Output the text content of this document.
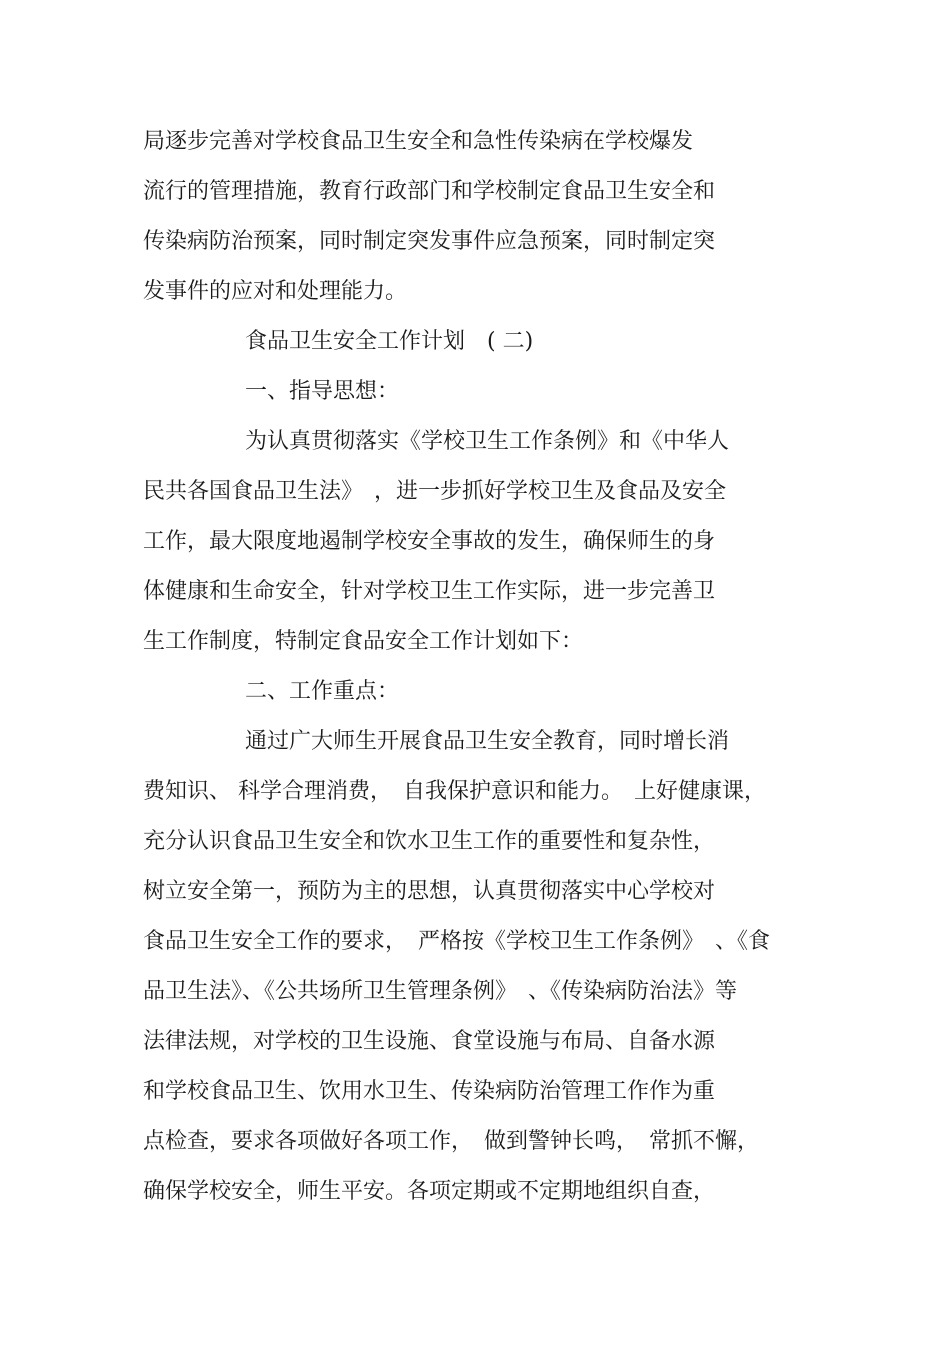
局逐步完善对学校食品卫生安全和急性传染病在学校爆发
流行的管理措施，教育行政部门和学校制定食品卫生安全和
传染病防治预案，同时制定突发事件应急预案，同时制定突
发事件的应对和处理能力。
食品卫生安全工作计划　( 二)
一、指导思想：
为认真贯彻落实《学校卫生工作条例》和《中华人
民共各国食品卫生法》　，进一步抓好学校卫生及食品及安全
工作，最大限度地遏制学校安全事故的发生，确保师生的身
体健康和生命安全，针对学校卫生工作实际，进一步完善卫
生工作制度，特制定食品安全工作计划如下：
二、工作重点：
通过广大师生开展食品卫生安全教育，同时增长消
费知识、 科学合理消费，　自我保护意识和能力。　上好健康课，
充分认识食品卫生安全和饮水卫生工作的重要性和复杂性，
树立安全第一，预防为主的思想，认真贯彻落实中心学校对
食品卫生安全工作的要求，　严格按《学校卫生工作条例》　、《食
品卫生法》、《公共场所卫生管理条例》　、《传染病防治法》等
法律法规，对学校的卫生设施、食堂设施与布局、自备水源
和学校食品卫生、饮用水卫生、传染病防治管理工作作为重
点检查，要求各项做好各项工作，　做到警钟长鸣，　常抓不懈，
确保学校安全，师生平安。各项定期或不定期地组织自查，
